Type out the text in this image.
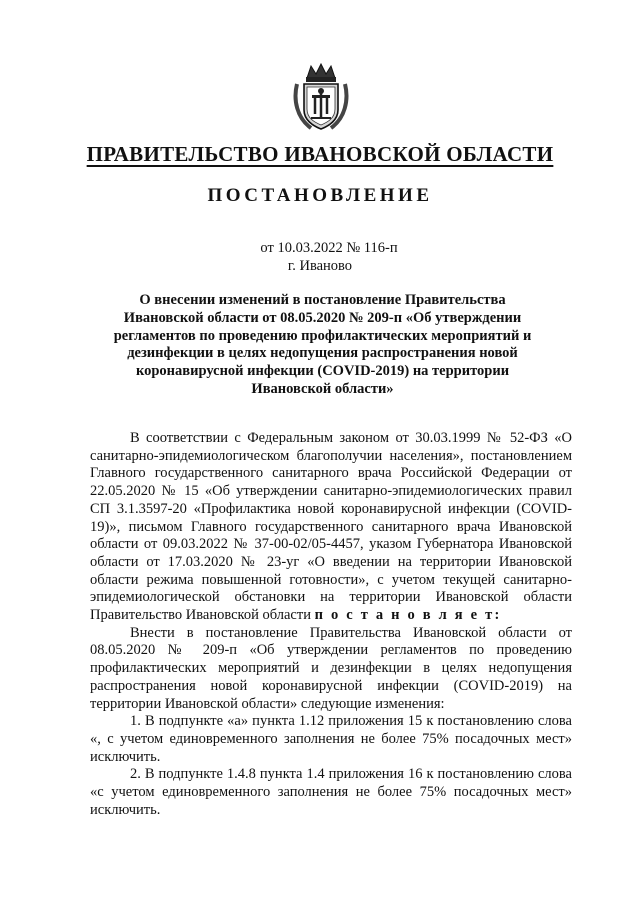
ПРАВИТЕЛЬСТВО ИВАНОВСКОЙ ОБЛАСТИ
ПОСТАНОВЛЕНИЕ
от 10.03.2022 № 116-п
г. Иваново
О внесении изменений в постановление Правительства Ивановской области от 08.05.2020 № 209-п «Об утверждении регламентов по проведению профилактических мероприятий и дезинфекции в целях недопущения распространения новой коронавирусной инфекции (COVID-2019) на территории Ивановской области»

В соответствии с Федеральным законом от 30.03.1999 № 52-ФЗ «О санитарно-эпидемиологическом благополучии населения», постановлением Главного государственного санитарного врача Российской Федерации от 22.05.2020 № 15 «Об утверждении санитарно-эпидемиологических правил СП 3.1.3597-20 «Профилактика новой коронавирусной инфекции (COVID-19)», письмом Главного государственного санитарного врача Ивановской области от 09.03.2022 № 37-00-02/05-4457, указом Губернатора Ивановской области от 17.03.2020 № 23-уг «О введении на территории Ивановской области режима повышенной готовности», с учетом текущей санитарно-эпидемиологической обстановки на территории Ивановской области Правительство Ивановской области п о с т а н о в л я е т:

Внести в постановление Правительства Ивановской области от 08.05.2020 № 209-п «Об утверждении регламентов по проведению профилактических мероприятий и дезинфекции в целях недопущения распространения новой коронавирусной инфекции (COVID-2019) на территории Ивановской области» следующие изменения:

1. В подпункте «а» пункта 1.12 приложения 15 к постановлению слова «, с учетом единовременного заполнения не более 75% посадочных мест» исключить.

2. В подпункте 1.4.8 пункта 1.4 приложения 16 к постановлению слова «с учетом единовременного заполнения не более 75% посадочных мест» исключить.
